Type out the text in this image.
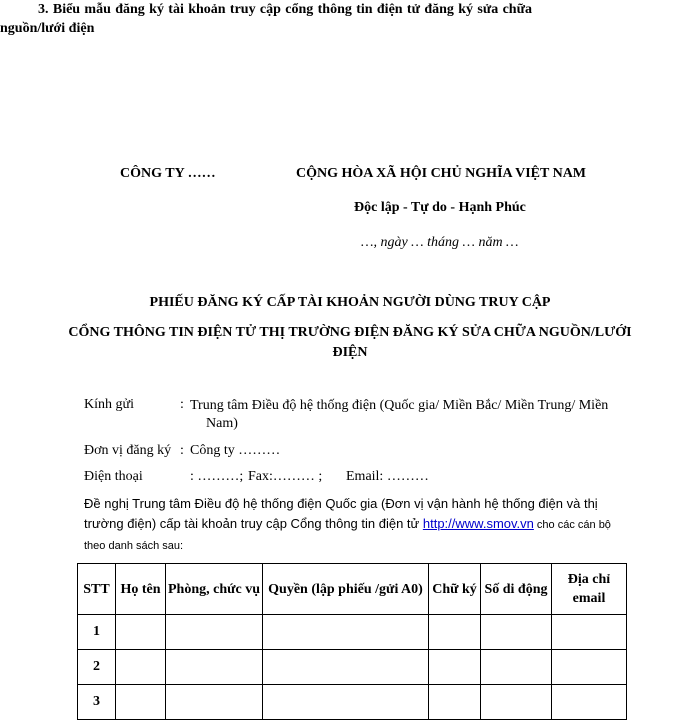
3. Biểu mẫu đăng ký tài khoản truy cập cổng thông tin điện tử đăng ký sửa chữa
nguồn/lưới điện
CÔNG TY ……	CỘNG HÒA XÃ HỘI CHỦ NGHĨA VIỆT NAM
Độc lập - Tự do - Hạnh Phúc
…, ngày … tháng … năm …
PHIẾU ĐĂNG KÝ CẤP TÀI KHOẢN NGƯỜI DÙNG TRUY CẬP
CỔNG THÔNG TIN ĐIỆN TỬ THỊ TRƯỜNG ĐIỆN ĐĂNG KÝ SỬA CHỮA NGUỒN/LƯỚI ĐIỆN
Kính gửi	: Trung tâm Điều độ hệ thống điện (Quốc gia/ Miền Bắc/ Miền Trung/ Miền
Nam)
Đơn vị đăng ký : Công ty ………
Điện thoại	: ………; Fax:……… ; Email: ………
Đề nghị Trung tâm Điều độ hệ thống điện Quốc gia (Đơn vị vận hành hệ thống điện và thị trường điện) cấp tài khoản truy cập Cổng thông tin điện tử http://www.smov.vn cho các cán bộ theo danh sách sau:
STT	Họ tên	Phòng, chức vụ	Quyền (lập phiếu /gửi A0)	Chữ ký	Số di động	Địa chỉ email
1						
2						
3						
